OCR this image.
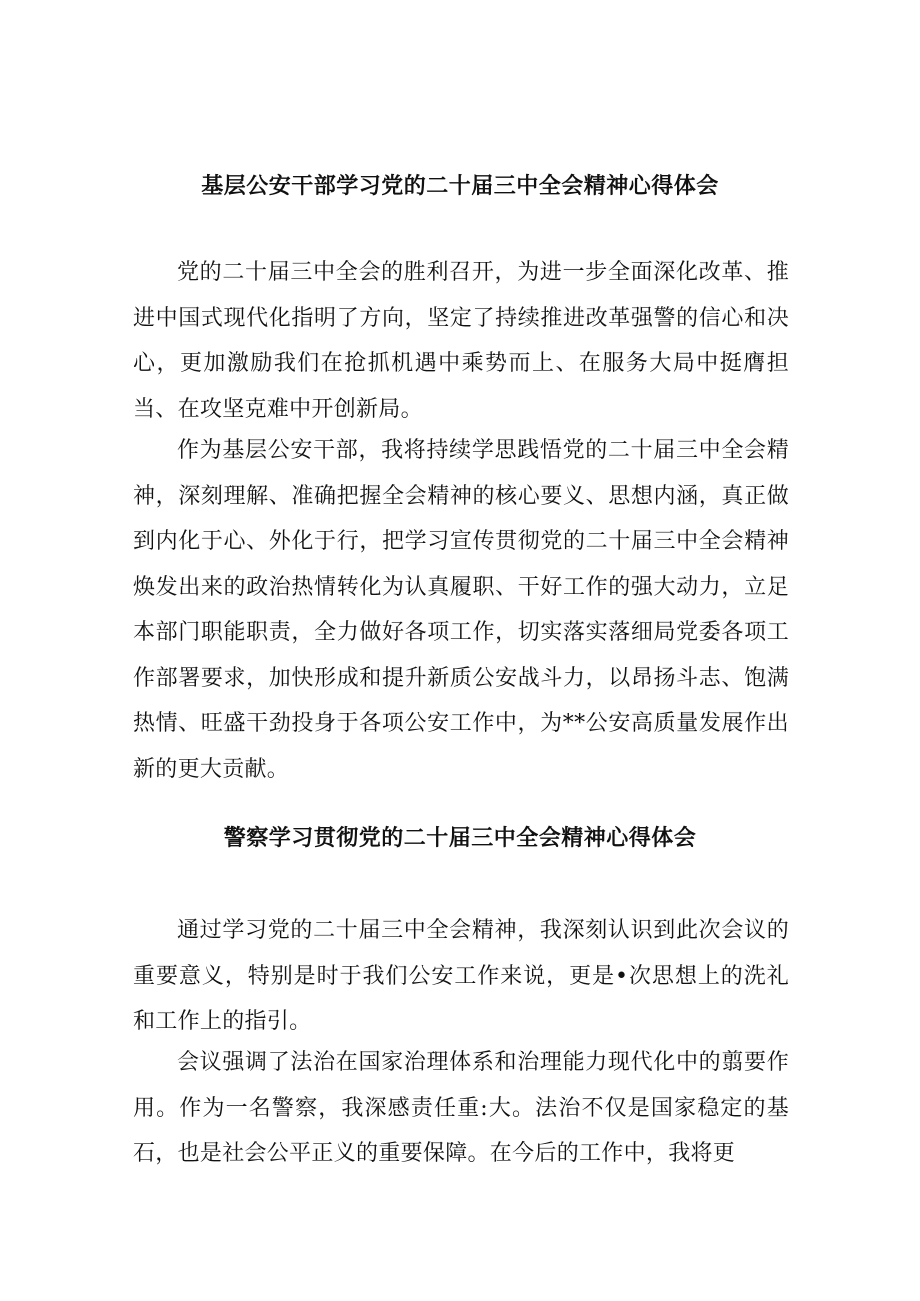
基层公安干部学习党的二十届三中全会精神心得体会

党的二十届三中全会的胜利召开，为进一步全面深化改革、推进中国式现代化指明了方向，坚定了持续推进改革强警的信心和决心，更加激励我们在抢抓机遇中乘势而上、在服务大局中挺膺担当、在攻坚克难中开创新局。

作为基层公安干部，我将持续学思践悟党的二十届三中全会精神，深刻理解、准确把握全会精神的核心要义、思想内涵，真正做到内化于心、外化于行，把学习宣传贯彻党的二十届三中全会精神焕发出来的政治热情转化为认真履职、干好工作的强大动力，立足本部门职能职责，全力做好各项工作，切实落实落细局党委各项工作部署要求，加快形成和提升新质公安战斗力，以昂扬斗志、饱满热情、旺盛干劲投身于各项公安工作中，为**公安高质量发展作出新的更大贡献。

警察学习贯彻党的二十届三中全会精神心得体会

通过学习党的二十届三中全会精神，我深刻认识到此次会议的重要意义，特别是时于我们公安工作来说，更是•次思想上的洗礼和工作上的指引。

会议强调了法治在国家治理体系和治理能力现代化中的翦要作用。作为一名警察，我深感责任重:大。法治不仅是国家稳定的基石，也是社会公平正义的重要保障。在今后的工作中，我将更
